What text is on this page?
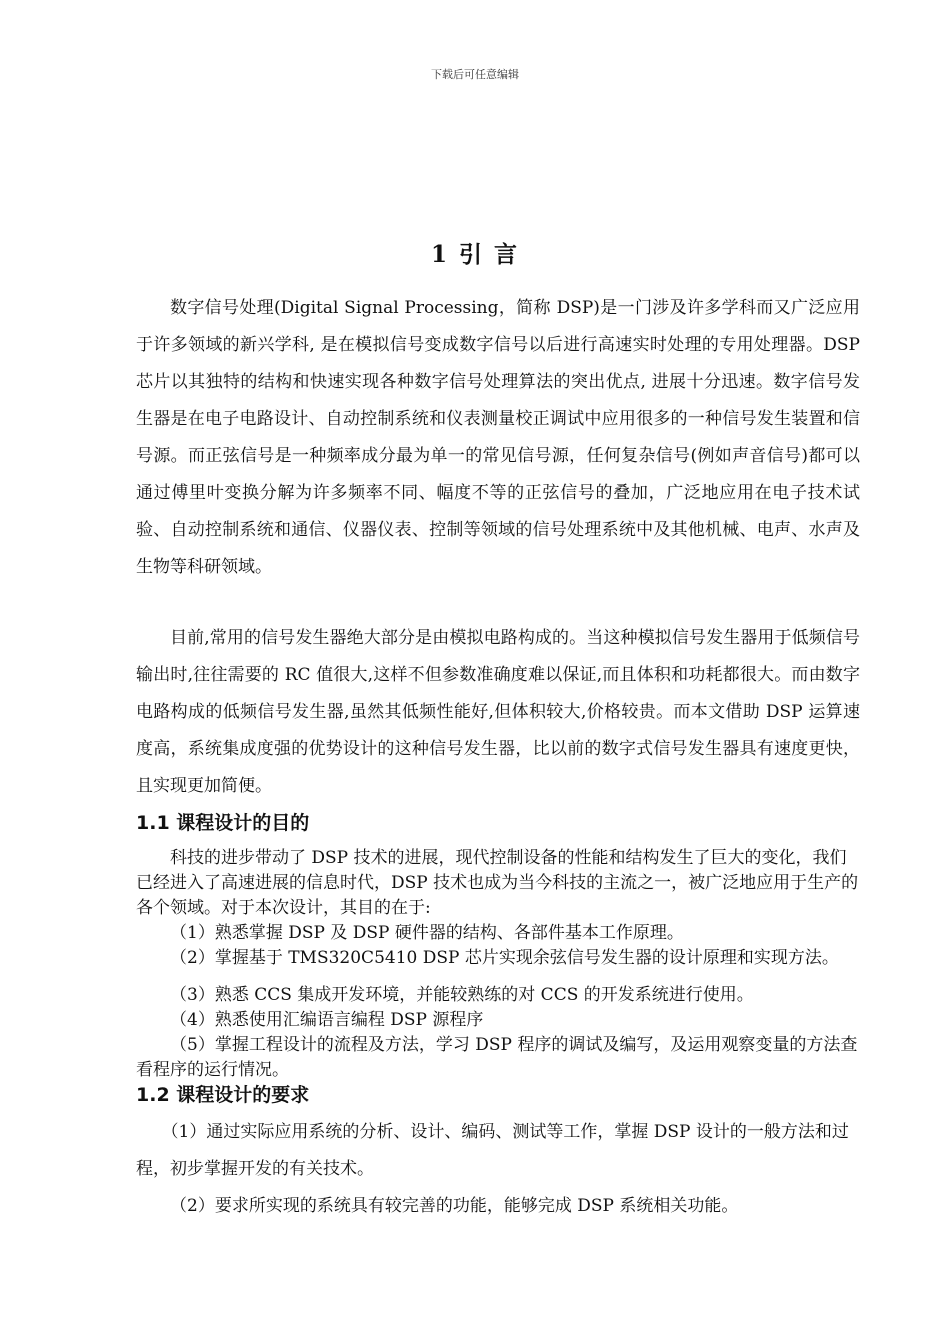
下载后可任意编辑
1 引 言

数字信号处理(Digital Signal Processing，简称 DSP)是一门涉及许多学科而又广泛应用于许多领域的新兴学科, 是在模拟信号变成数字信号以后进行高速实时处理的专用处理器。DSP 芯片以其独特的结构和快速实现各种数字信号处理算法的突出优点, 进展十分迅速。数字信号发生器是在电子电路设计、自动控制系统和仪表测量校正调试中应用很多的一种信号发生装置和信号源。而正弦信号是一种频率成分最为单一的常见信号源，任何复杂信号(例如声音信号)都可以通过傅里叶变换分解为许多频率不同、幅度不等的正弦信号的叠加，广泛地应用在电子技术试验、自动控制系统和通信、仪器仪表、控制等领域的信号处理系统中及其他机械、电声、水声及生物等科研领域。

目前,常用的信号发生器绝大部分是由模拟电路构成的。当这种模拟信号发生器用于低频信号输出时,往往需要的 RC 值很大,这样不但参数准确度难以保证,而且体积和功耗都很大。而由数字电路构成的低频信号发生器,虽然其低频性能好,但体积较大,价格较贵。而本文借助 DSP 运算速度高，系统集成度强的优势设计的这种信号发生器，比以前的数字式信号发生器具有速度更快，且实现更加简便。

1.1 课程设计的目的

科技的进步带动了 DSP 技术的进展，现代控制设备的性能和结构发生了巨大的变化，我们已经进入了高速进展的信息时代，DSP 技术也成为当今科技的主流之一，被广泛地应用于生产的各个领域。对于本次设计，其目的在于:

（1）熟悉掌握 DSP 及 DSP 硬件器的结构、各部件基本工作原理。

（2）掌握基于 TMS320C5410 DSP 芯片实现余弦信号发生器的设计原理和实现方法。

（3）熟悉 CCS 集成开发环境，并能较熟练的对 CCS 的开发系统进行使用。

（4）熟悉使用汇编语言编程 DSP 源程序

（5）掌握工程设计的流程及方法，学习 DSP 程序的调试及编写，及运用观察变量的方法查看程序的运行情况。

1.2 课程设计的要求

（1）通过实际应用系统的分析、设计、编码、测试等工作，掌握 DSP 设计的一般方法和过程，初步掌握开发的有关技术。

（2）要求所实现的系统具有较完善的功能，能够完成 DSP 系统相关功能。
